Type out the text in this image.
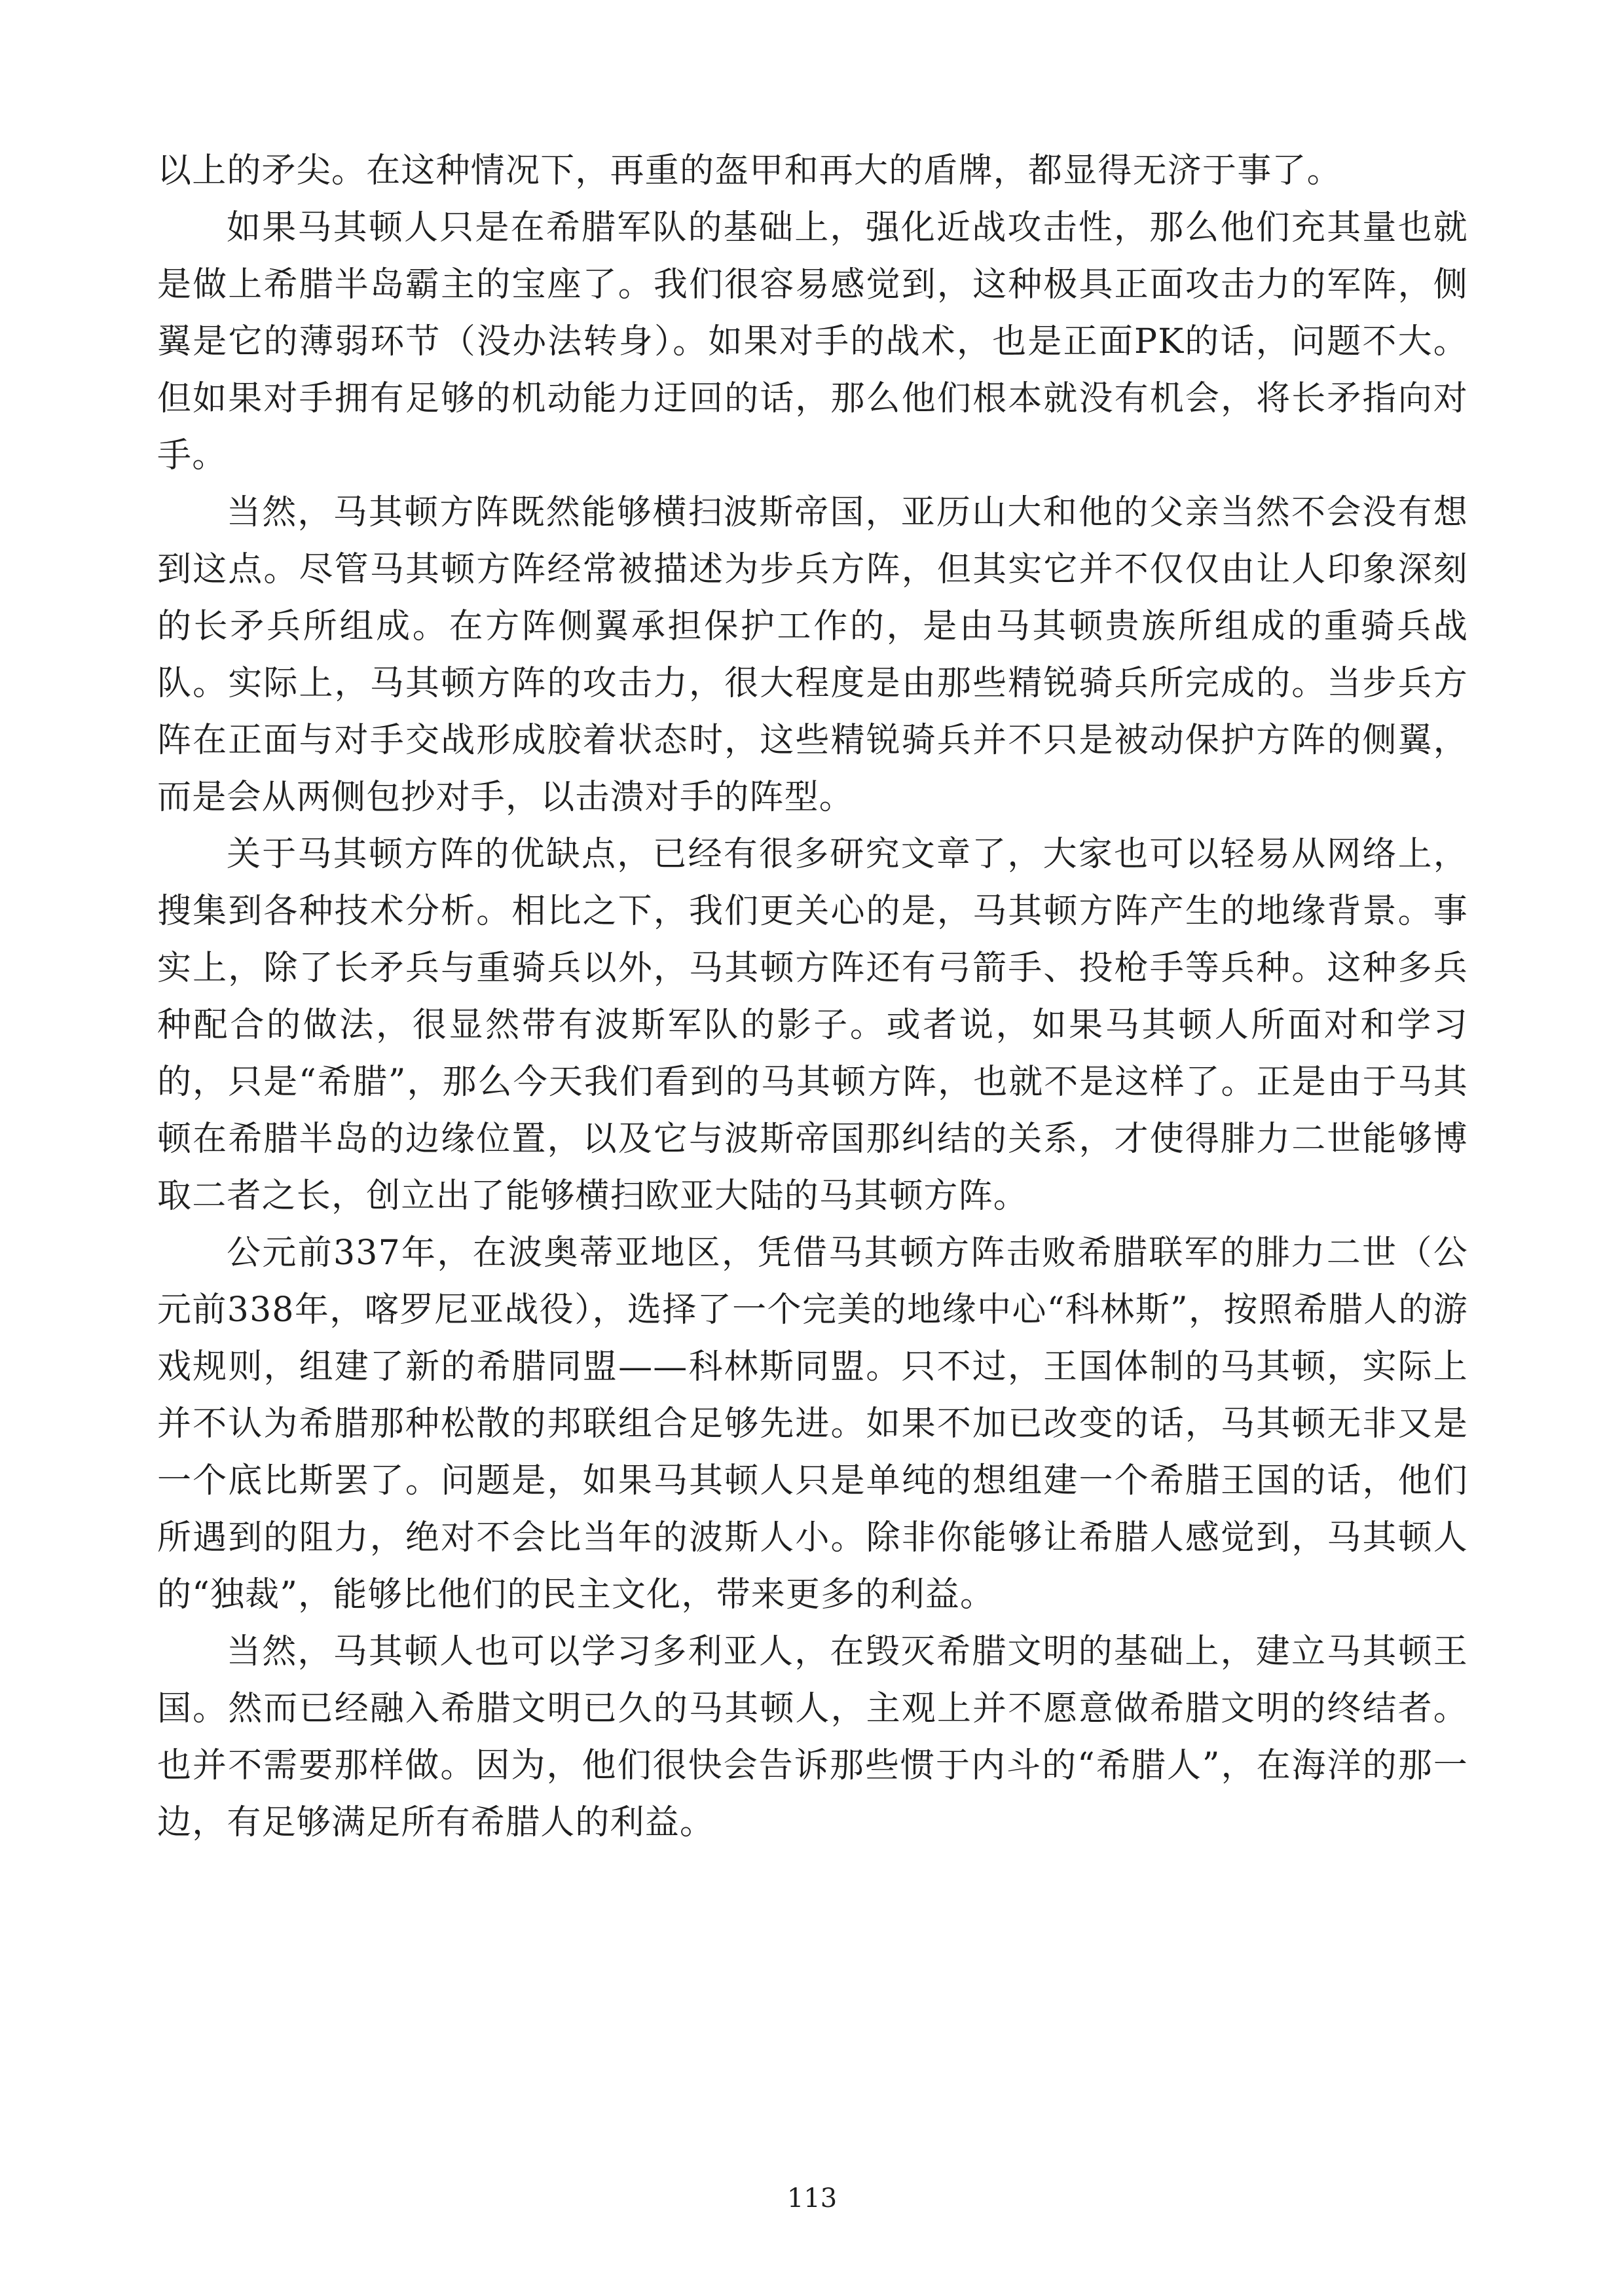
以上的矛尖。在这种情况下，再重的盔甲和再大的盾牌，都显得无济于事了。

如果马其顿人只是在希腊军队的基础上，强化近战攻击性，那么他们充其量也就是做上希腊半岛霸主的宝座了。我们很容易感觉到，这种极具正面攻击力的军阵，侧翼是它的薄弱环节（没办法转身）。如果对手的战术，也是正面PK的话，问题不大。但如果对手拥有足够的机动能力迂回的话，那么他们根本就没有机会，将长矛指向对手。

当然，马其顿方阵既然能够横扫波斯帝国，亚历山大和他的父亲当然不会没有想到这点。尽管马其顿方阵经常被描述为步兵方阵，但其实它并不仅仅由让人印象深刻的长矛兵所组成。在方阵侧翼承担保护工作的，是由马其顿贵族所组成的重骑兵战队。实际上，马其顿方阵的攻击力，很大程度是由那些精锐骑兵所完成的。当步兵方阵在正面与对手交战形成胶着状态时，这些精锐骑兵并不只是被动保护方阵的侧翼，而是会从两侧包抄对手，以击溃对手的阵型。

关于马其顿方阵的优缺点，已经有很多研究文章了，大家也可以轻易从网络上，搜集到各种技术分析。相比之下，我们更关心的是，马其顿方阵产生的地缘背景。事实上，除了长矛兵与重骑兵以外，马其顿方阵还有弓箭手、投枪手等兵种。这种多兵种配合的做法，很显然带有波斯军队的影子。或者说，如果马其顿人所面对和学习的，只是“希腊”，那么今天我们看到的马其顿方阵，也就不是这样了。正是由于马其顿在希腊半岛的边缘位置，以及它与波斯帝国那纠结的关系，才使得腓力二世能够博取二者之长，创立出了能够横扫欧亚大陆的马其顿方阵。

公元前337年，在波奥蒂亚地区，凭借马其顿方阵击败希腊联军的腓力二世（公元前338年，喀罗尼亚战役），选择了一个完美的地缘中心“科林斯”，按照希腊人的游戏规则，组建了新的希腊同盟——科林斯同盟。只不过，王国体制的马其顿，实际上并不认为希腊那种松散的邦联组合足够先进。如果不加已改变的话，马其顿无非又是一个底比斯罢了。问题是，如果马其顿人只是单纯的想组建一个希腊王国的话，他们所遇到的阻力，绝对不会比当年的波斯人小。除非你能够让希腊人感觉到，马其顿人的“独裁”，能够比他们的民主文化，带来更多的利益。

当然，马其顿人也可以学习多利亚人，在毁灭希腊文明的基础上，建立马其顿王国。然而已经融入希腊文明已久的马其顿人，主观上并不愿意做希腊文明的终结者。也并不需要那样做。因为，他们很快会告诉那些惯于内斗的“希腊人”，在海洋的那一边，有足够满足所有希腊人的利益。

113
